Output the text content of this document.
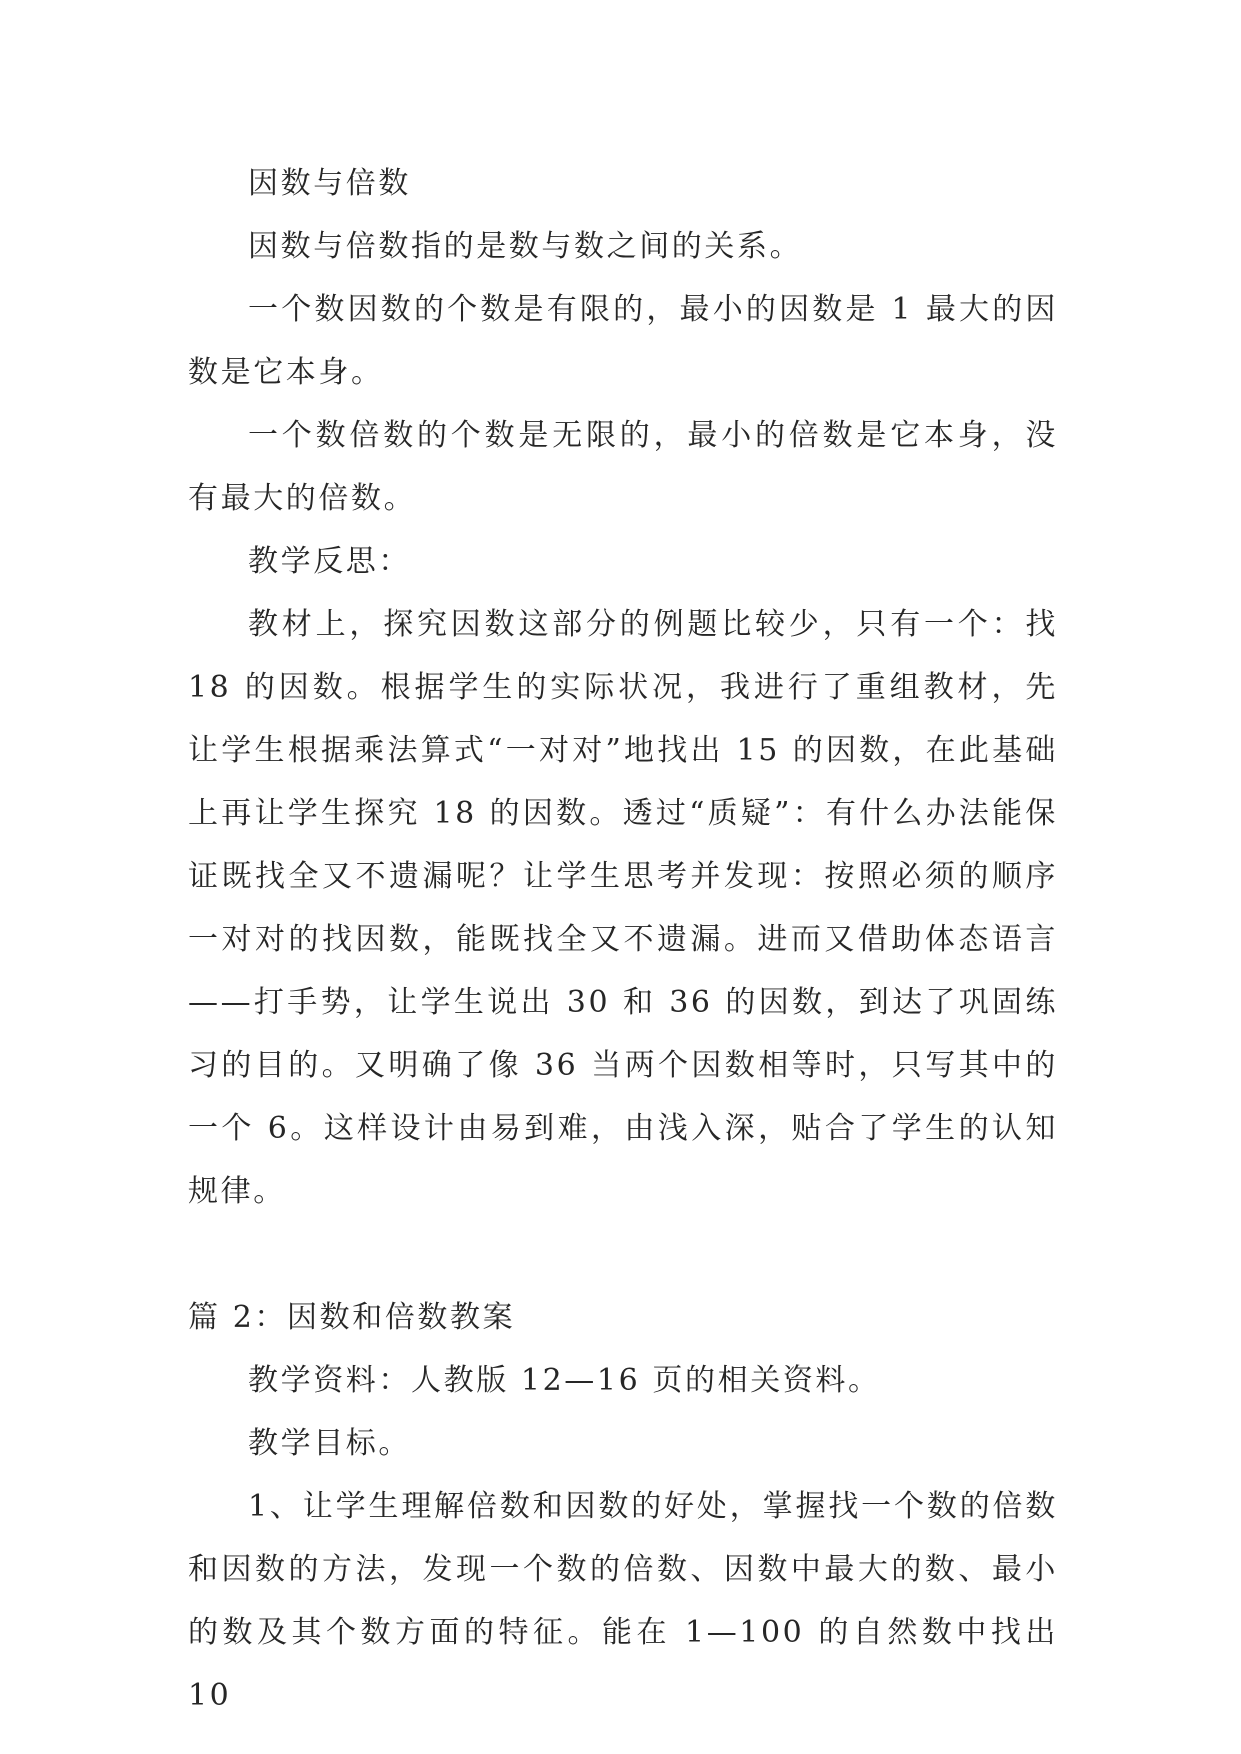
因数与倍数

因数与倍数指的是数与数之间的关系。

一个数因数的个数是有限的，最小的因数是 1 最大的因数是它本身。

一个数倍数的个数是无限的，最小的倍数是它本身，没有最大的倍数。

教学反思：

教材上，探究因数这部分的例题比较少，只有一个：找 18 的因数。根据学生的实际状况，我进行了重组教材，先让学生根据乘法算式“一对对”地找出 15 的因数，在此基础上再让学生探究 18 的因数。透过“质疑”：有什么办法能保证既找全又不遗漏呢？让学生思考并发现：按照必须的顺序一对对的找因数，能既找全又不遗漏。进而又借助体态语言——打手势，让学生说出 30 和 36 的因数，到达了巩固练习的目的。又明确了像 36 当两个因数相等时，只写其中的一个 6。这样设计由易到难，由浅入深，贴合了学生的认知规律。

篇 2：因数和倍数教案

教学资料：人教版 12—16 页的相关资料。

教学目标。

1、让学生理解倍数和因数的好处，掌握找一个数的倍数和因数的方法，发现一个数的倍数、因数中最大的数、最小的数及其个数方面的特征。能在 1—100 的自然数中找出 10
